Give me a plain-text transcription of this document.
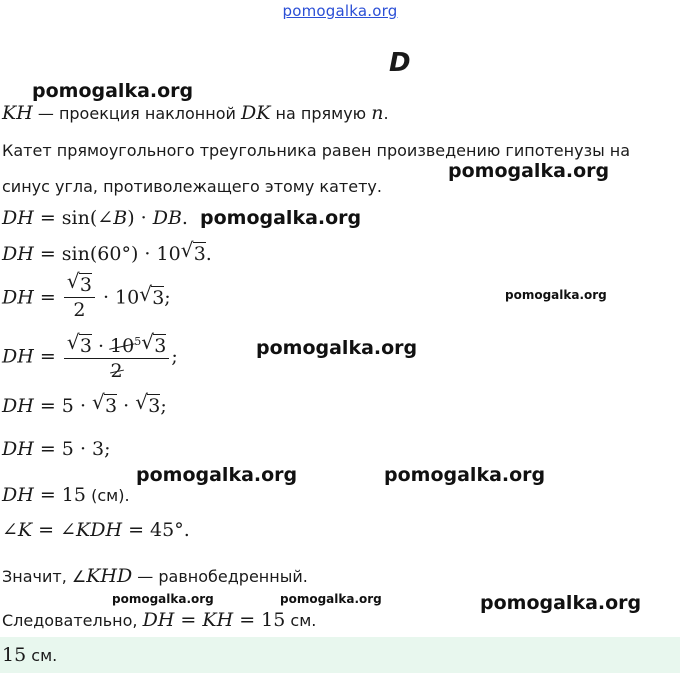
pomogalka.org
D
pomogalka.org
KH — проекция наклонной DK на прямую n.
Катет прямоугольного треугольника равен произведению гипотенузы на
pomogalka.org
синус угла, противолежащего этому катету.
DH = sin(∠B) · DB. pomogalka.org
DH = sin(60°) · 10 √ 3.
DH = $\frac{√ 3}{2} \cdot 10$ √ 3;	pomogalka.org
DH = $\frac{√ 3 \cdot 10^5 √ 3}{2}$ ;	pomogalka.org
DH = 5 · √ 3 · √ 3;
DH = 5 · 3;
pomogalka.org	pomogalka.org
DH = 15 (см).
∠K = ∠KDH = 45°.
Значит, ∠KHD — равнобедренный.
pomogalka.org	pomogalka.org	pomogalka.org
Следовательно, DH = KH = 15 см.
15 см.
